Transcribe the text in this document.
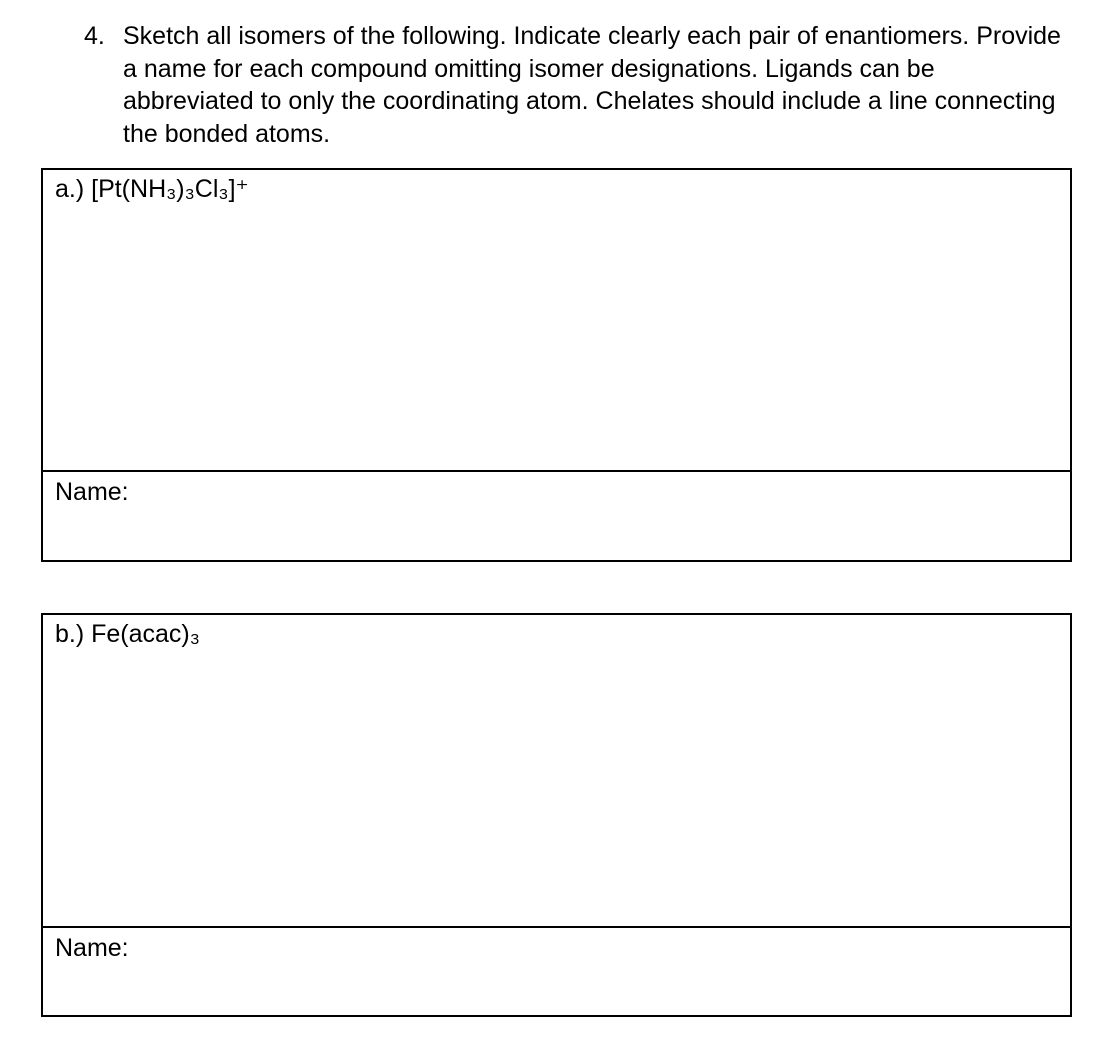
4. Sketch all isomers of the following. Indicate clearly each pair of enantiomers. Provide a name for each compound omitting isomer designations. Ligands can be abbreviated to only the coordinating atom. Chelates should include a line connecting the bonded atoms.
a.) [Pt(NH₃)₃Cl₃]⁺
Name:
b.) Fe(acac)₃
Name:
